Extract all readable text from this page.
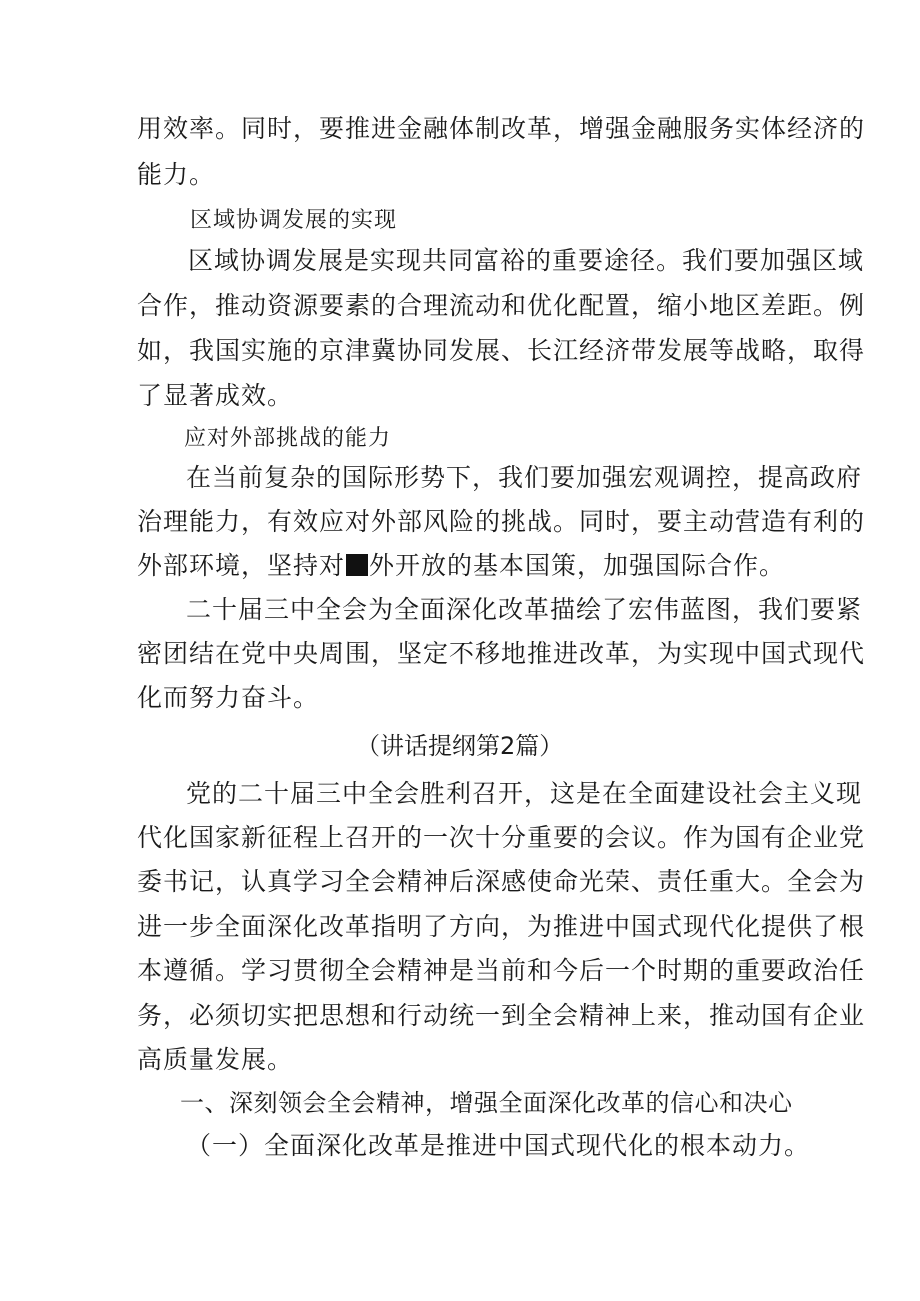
用效率。同时，要推进金融体制改革，增强金融服务实体经济的
能力。
区域协调发展的实现
区域协调发展是实现共同富裕的重要途径。我们要加强区域
合作，推动资源要素的合理流动和优化配置，缩小地区差距。例
如，我国实施的京津冀协同发展、长江经济带发展等战略，取得
了显著成效。
应对外部挑战的能力
在当前复杂的国际形势下，我们要加强宏观调控，提高政府
治理能力，有效应对外部风险的挑战。同时，要主动营造有利的
外部环境，坚持对 外开放的基本国策，加强国际合作。
二十届三中全会为全面深化改革描绘了宏伟蓝图，我们要紧
密团结在党中央周围，坚定不移地推进改革，为实现中国式现代
化而努力奋斗。
（讲话提纲第2篇）
党的二十届三中全会胜利召开，这是在全面建设社会主义现
代化国家新征程上召开的一次十分重要的会议。作为国有企业党
委书记，认真学习全会精神后深感使命光荣、责任重大。全会为
进一步全面深化改革指明了方向，为推进中国式现代化提供了根
本遵循。学习贯彻全会精神是当前和今后一个时期的重要政治任
务，必须切实把思想和行动统一到全会精神上来，推动国有企业
高质量发展。
一、深刻领会全会精神，增强全面深化改革的信心和决心
（一）全面深化改革是推进中国式现代化的根本动力。
